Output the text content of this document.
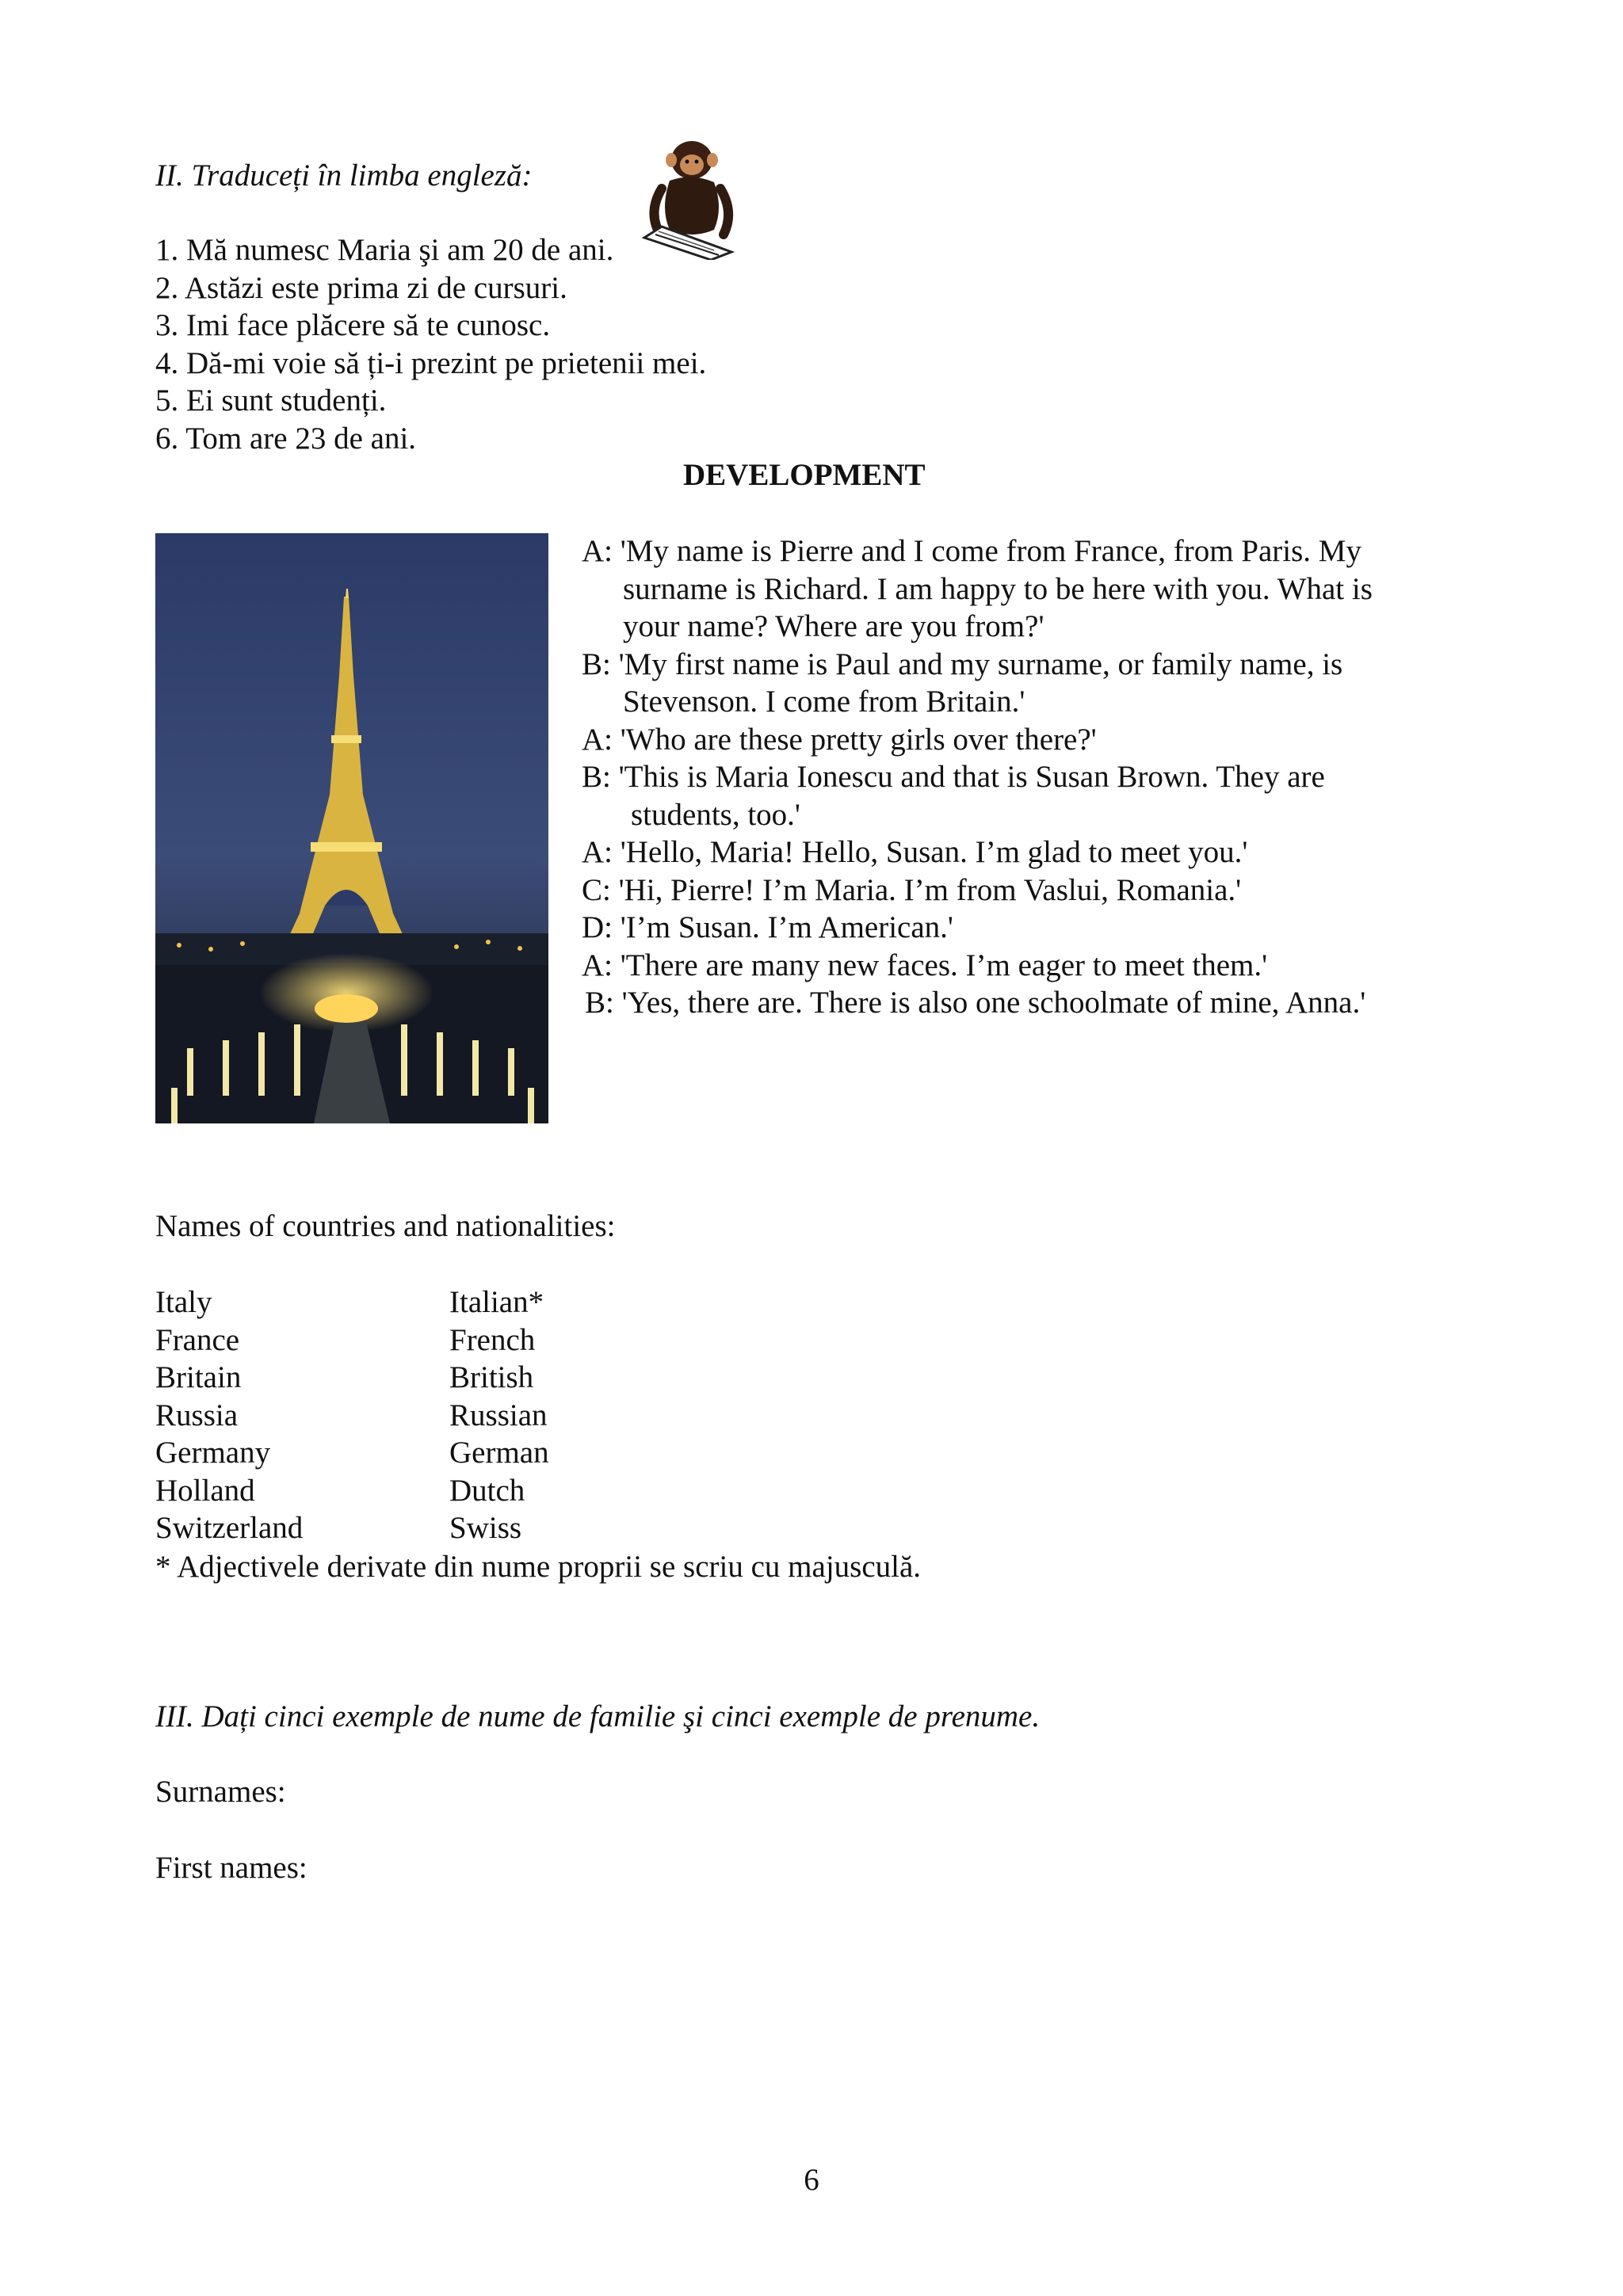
II. Traduceți în limba engleză:
1. Mă numesc Maria şi am 20 de ani.
2. Astăzi este prima zi de cursuri.
3. Imi face plăcere să te cunosc.
4. Dă-mi voie să ți-i prezint pe prietenii mei.
5. Ei sunt studenți.
6. Tom are 23 de ani.
DEVELOPMENT
A: 'My name is Pierre and I come from France, from Paris. My
surname is Richard. I am happy to be here with you. What is
your name? Where are you from?'
B: 'My first name is Paul and my surname, or family name, is
Stevenson. I come from Britain.'
A: 'Who are these pretty girls over there?'
B: 'This is Maria Ionescu and that is Susan Brown. They are
students, too.'
A: 'Hello, Maria! Hello, Susan. I’m glad to meet you.'
C: 'Hi, Pierre! I’m Maria. I’m from Vaslui, Romania.'
D: 'I’m Susan. I’m American.'
A: 'There are many new faces. I’m eager to meet them.'
B: 'Yes, there are. There is also one schoolmate of mine, Anna.'
Names of countries and nationalities:
Italy	Italian*
France	French
Britain	British
Russia	Russian
Germany	German
Holland	Dutch
Switzerland	Swiss
* Adjectivele derivate din nume proprii se scriu cu majusculă.
III. Dați cinci exemple de nume de familie şi cinci exemple de prenume.
Surnames:
First names:
6
